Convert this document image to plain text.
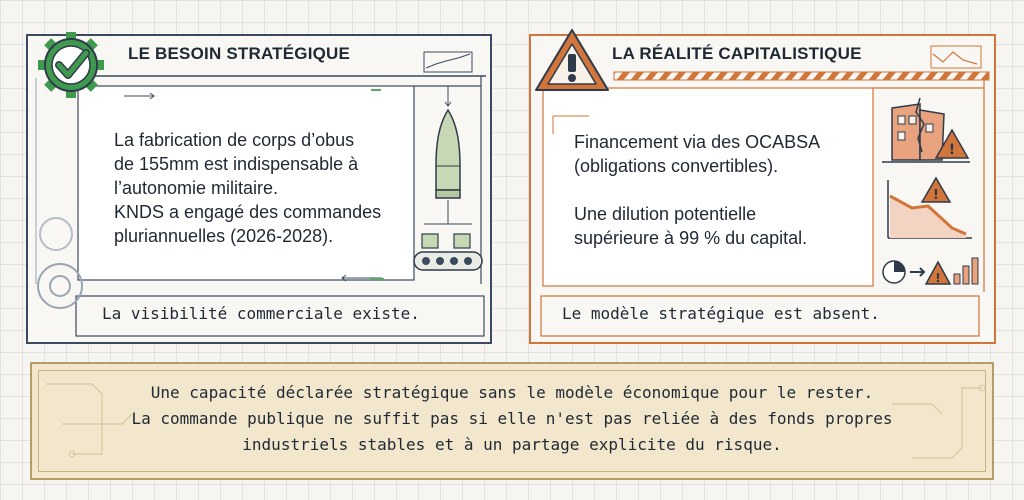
LE BESOIN STRATÉGIQUE
La fabrication de corps d’obus
de 155mm est indispensable à
l’autonomie militaire.
KNDS a engagé des commandes
pluriannuelles (2026-2028).
La visibilité commerciale existe.
LA RÉALITÉ CAPITALISTIQUE
Financement via des OCABSA
(obligations convertibles).
Une dilution potentielle
supérieure à 99 % du capital.
!
!
!
Le modèle stratégique est absent.
Une capacité déclarée stratégique sans le modèle économique pour le rester.
La commande publique ne suffit pas si elle n'est pas reliée à des fonds propres
industriels stables et à un partage explicite du risque.
